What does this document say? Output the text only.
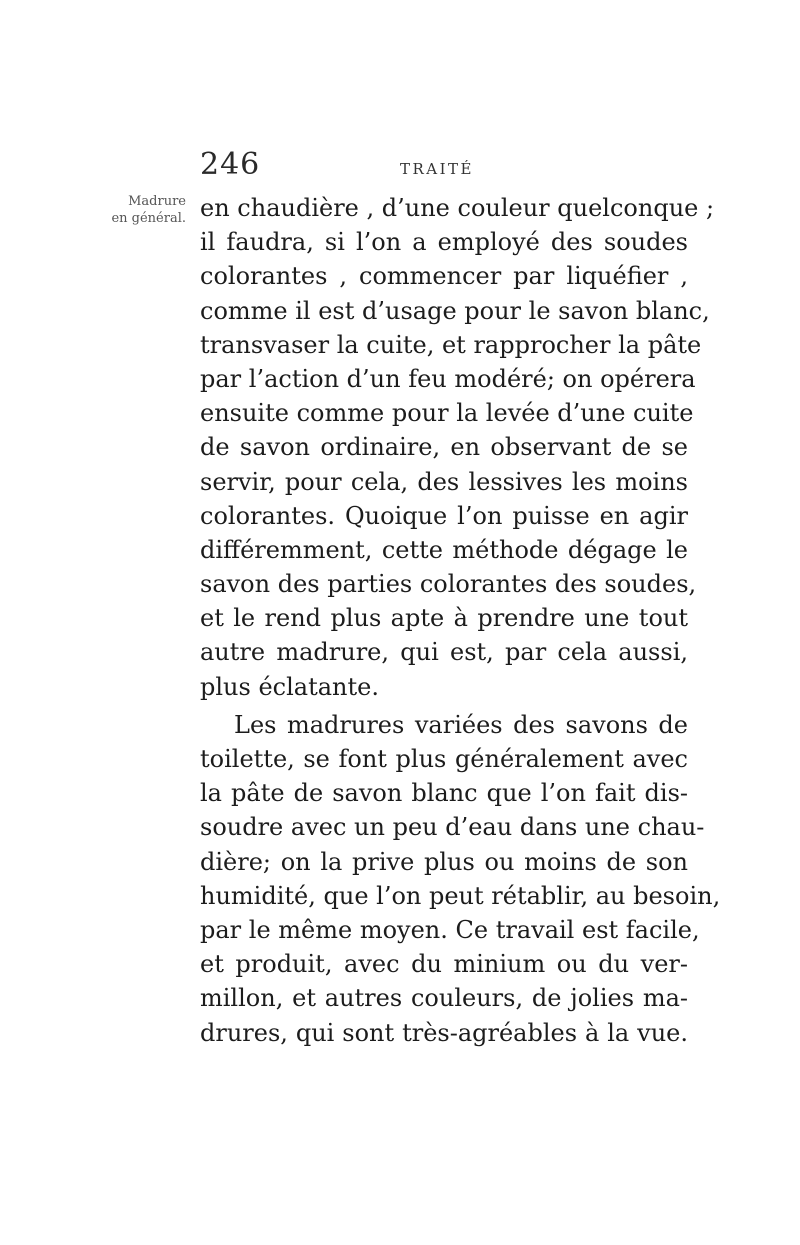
246	TRAITÉ
Madrure
en général. en chaudière , d’une couleur quelconque ;
il faudra, si l’on a employé des soudes
colorantes , commencer par liquéfier ,
comme il est d’usage pour le savon blanc,
transvaser la cuite, et rapprocher la pâte
par l’action d’un feu modéré; on opérera
ensuite comme pour la levée d’une cuite
de savon ordinaire, en observant de se
servir, pour cela, des lessives les moins
colorantes. Quoique l’on puisse en agir
différemment, cette méthode dégage le
savon des parties colorantes des soudes,
et le rend plus apte à prendre une tout
autre madrure, qui est, par cela aussi,
plus éclatante.
Les madrures variées des savons de
toilette, se font plus généralement avec
la pâte de savon blanc que l’on fait dis-
soudre avec un peu d’eau dans une chau-
dière; on la prive plus ou moins de son
humidité, que l’on peut rétablir, au besoin,
par le même moyen. Ce travail est facile,
et produit, avec du minium ou du ver-
millon, et autres couleurs, de jolies ma-
drures, qui sont très-agréables à la vue.
